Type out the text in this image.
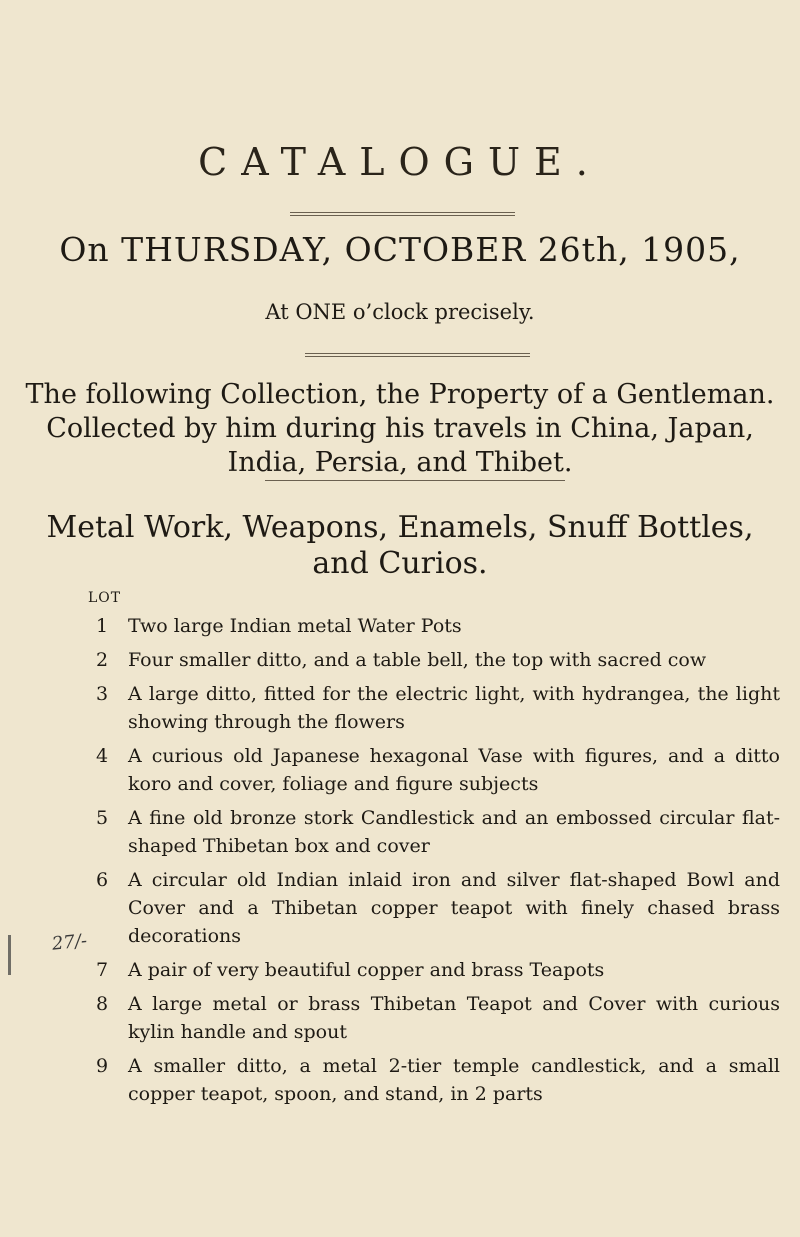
CATALOGUE.
On THURSDAY, OCTOBER 26th, 1905,
At ONE o’clock precisely.
The following Collection, the Property of a Gentleman.
Collected by him during his travels in China, Japan,
India, Persia, and Thibet.
Metal Work, Weapons, Enamels, Snuff Bottles,
and Curios.
LOT
27/-
1 Two large Indian metal Water Pots
2 Four smaller ditto, and a table bell, the top with sacred cow
3 A large ditto, fitted for the electric light, with hydrangea, the light showing through the flowers
4 A curious old Japanese hexagonal Vase with figures, and a ditto koro and cover, foliage and figure subjects
5 A fine old bronze stork Candlestick and an embossed circular flat-shaped Thibetan box and cover
6 A circular old Indian inlaid iron and silver flat-shaped Bowl and Cover and a Thibetan copper teapot with finely chased brass decorations
7 A pair of very beautiful copper and brass Teapots
8 A large metal or brass Thibetan Teapot and Cover with curious kylin handle and spout
9 A smaller ditto, a metal 2-tier temple candlestick, and a small copper teapot, spoon, and stand, in 2 parts
